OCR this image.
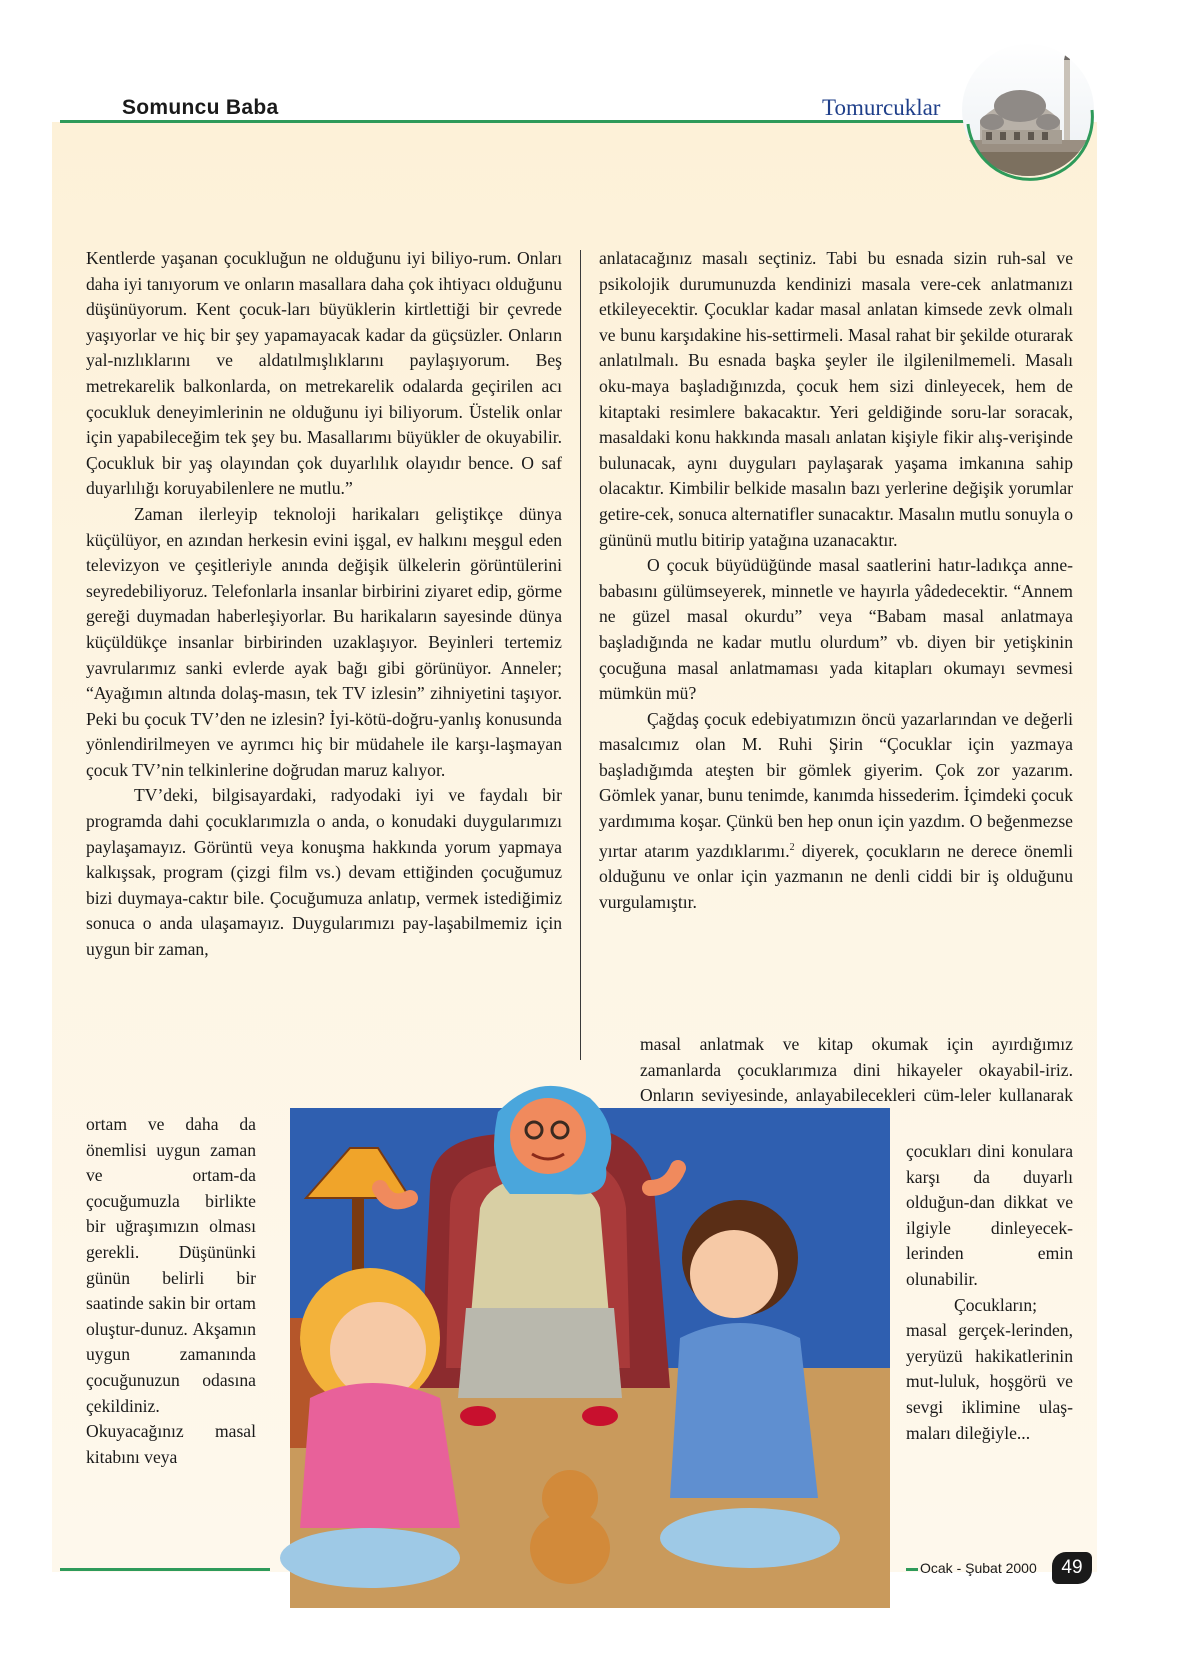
Somuncu Baba	Tomurcuklar

Kentlerde yaşanan çocukluğun ne olduğunu iyi biliyo-rum. Onları daha iyi tanıyorum ve onların masallara daha çok ihtiyacı olduğunu düşünüyorum. Kent çocuk-ları büyüklerin kirtlettiği bir çevrede yaşıyorlar ve hiç bir şey yapamayacak kadar da güçsüzler. Onların yal-nızlıklarını ve aldatılmışlıklarını paylaşıyorum. Beş metrekarelik balkonlarda, on metrekarelik odalarda geçirilen acı çocukluk deneyimlerinin ne olduğunu iyi biliyorum. Üstelik onlar için yapabileceğim tek şey bu. Masallarımı büyükler de okuyabilir. Çocukluk bir yaş olayından çok duyarlılık olayıdır bence. O saf duyarlılığı koruyabilenlere ne mutlu.”

Zaman ilerleyip teknoloji harikaları geliştikçe dünya küçülüyor, en azından herkesin evini işgal, ev halkını meşgul eden televizyon ve çeşitleriyle anında değişik ülkelerin görüntülerini seyredebiliyoruz. Telefonlarla insanlar birbirini ziyaret edip, görme gereği duymadan haberleşiyorlar. Bu harikaların sayesinde dünya küçüldükçe insanlar birbirinden uzaklaşıyor. Beyinleri tertemiz yavrularımız sanki evlerde ayak bağı gibi görünüyor. Anneler; “Ayağımın altında dolaş-masın, tek TV izlesin” zihniyetini taşıyor. Peki bu çocuk TV’den ne izlesin? İyi-kötü-doğru-yanlış konusunda yönlendirilmeyen ve ayrımcı hiç bir müdahele ile karşı-laşmayan çocuk TV’nin telkinlerine doğrudan maruz kalıyor.

TV’deki, bilgisayardaki, radyodaki iyi ve faydalı bir programda dahi çocuklarımızla o anda, o konudaki duygularımızı paylaşamayız. Görüntü veya konuşma hakkında yorum yapmaya kalkışsak, program (çizgi film vs.) devam ettiğinden çocuğumuz bizi duymaya-caktır bile. Çocuğumuza anlatıp, vermek istediğimiz sonuca o anda ulaşamayız. Duygularımızı pay-laşabilmemiz için uygun bir zaman,

ortam ve daha da önemlisi uygun zaman ve ortam-da çocuğumuzla birlikte bir uğraşımızın olması gerekli. Düşününki günün belirli bir saatinde sakin bir ortam oluştur-dunuz. Akşamın uygun zamanında çocuğunuzun odasına çekildiniz. Okuyacağınız masal kitabını veya

anlatacağınız masalı seçtiniz. Tabi bu esnada sizin ruh-sal ve psikolojik durumunuzda kendinizi masala vere-cek anlatmanızı etkileyecektir. Çocuklar kadar masal anlatan kimsede zevk olmalı ve bunu karşıdakine his-settirmeli. Masal rahat bir şekilde oturarak anlatılmalı. Bu esnada başka şeyler ile ilgilenilmemeli. Masalı oku-maya başladığınızda, çocuk hem sizi dinleyecek, hem de kitaptaki resimlere bakacaktır. Yeri geldiğinde soru-lar soracak, masaldaki konu hakkında masalı anlatan kişiyle fikir alış-verişinde bulunacak, aynı duyguları paylaşarak yaşama imkanına sahip olacaktır. Kimbilir belkide masalın bazı yerlerine değişik yorumlar getire-cek, sonuca alternatifler sunacaktır. Masalın mutlu sonuyla o gününü mutlu bitirip yatağına uzanacaktır.

O çocuk büyüdüğünde masal saatlerini hatır-ladıkça anne-babasını gülümseyerek, minnetle ve hayırla yâdedecektir. “Annem ne güzel masal okurdu” veya “Babam masal anlatmaya başladığında ne kadar mutlu olurdum” vb. diyen bir yetişkinin çocuğuna masal anlatmaması yada kitapları okumayı sevmesi mümkün mü?

Çağdaş çocuk edebiyatımızın öncü yazarlarından ve değerli masalcımız olan M. Ruhi Şirin “Çocuklar için yazmaya başladığımda ateşten bir gömlek giyerim. Çok zor yazarım. Gömlek yanar, bunu tenimde, kanımda hissederim. İçimdeki çocuk yardımıma koşar. Çünkü ben hep onun için yazdım. O beğenmezse yırtar atarım yazdıklarımı.$^2$ diyerek, çocukların ne derece önemli olduğunu ve onlar için yazmanın ne denli ciddi bir iş olduğunu vurgulamıştır.

masal anlatmak ve kitap okumak için ayırdığımız zamanlarda çocuklarımıza dini hikayeler okayabil-iriz. Onların seviyesinde, anlayabilecekleri cüm-leler kullanarak

çocukları dini konulara karşı da duyarlı olduğun-dan dikkat ve ilgiyle dinleyecek-lerinden emin olunabilir.

Çocukların; masal gerçek-lerinden, yeryüzü hakikatlerinin mut-luluk, hoşgörü ve sevgi iklimine ulaş-maları dileğiyle...

Ocak - Şubat 2000	49
